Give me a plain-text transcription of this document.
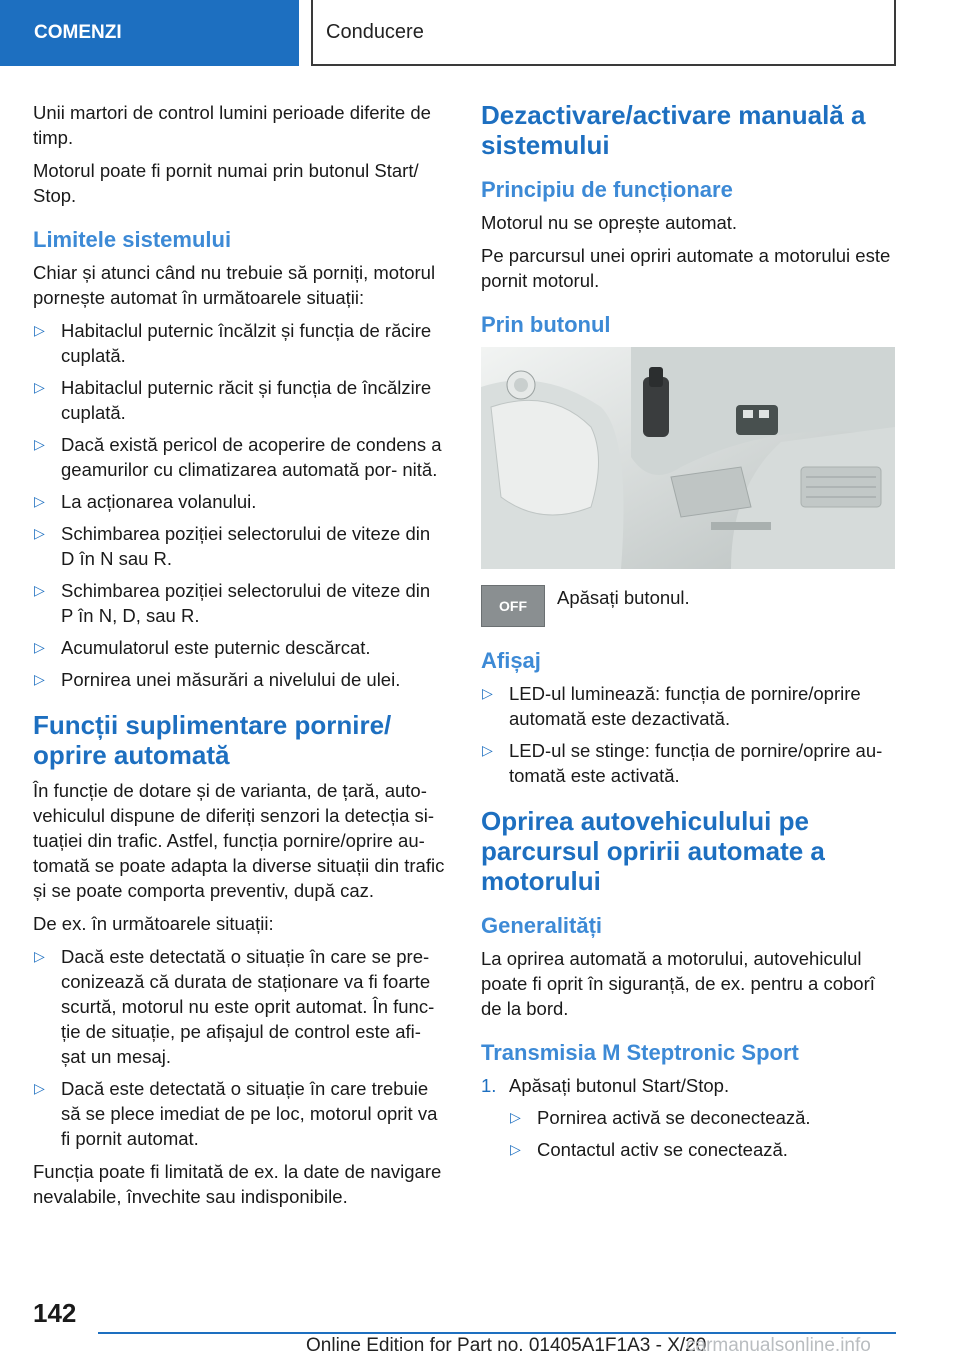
COMENZI	Conducere

Unii martori de control lumini perioade diferite de timp.

Motorul poate fi pornit numai prin butonul Start/ Stop.

Limitele sistemului

Chiar și atunci când nu trebuie să porniți, motorul pornește automat în următoarele situații:

▷ Habitaclul puternic încălzit și funcția de răcire cuplată.
▷ Habitaclul puternic răcit și funcția de încălzire cuplată.
▷ Dacă există pericol de acoperire de condens a geamurilor cu climatizarea automată por- nită.
▷ La acționarea volanului.
▷ Schimbarea poziției selectorului de viteze din D în N sau R.
▷ Schimbarea poziției selectorului de viteze din P în N, D, sau R.
▷ Acumulatorul este puternic descărcat.
▷ Pornirea unei măsurări a nivelului de ulei.
Funcții suplimentare pornire/ oprire automată

În funcție de dotare și de varianta, de țară, auto- vehiculul dispune de diferiți senzori la detecția si- tuației din trafic. Astfel, funcția pornire/oprire au- tomată se poate adapta la diverse situații din trafic și se poate comporta preventiv, după caz.

De ex. în următoarele situații:

▷ Dacă este detectată o situație în care se pre- conizează că durata de staționare va fi foarte scurtă, motorul nu este oprit automat. În func- ție de situație, pe afișajul de control este afi- șat un mesaj.
▷ Dacă este detectată o situație în care trebuie să se plece imediat de pe loc, motorul oprit va fi pornit automat.

Funcția poate fi limitată de ex. la date de navigare nevalabile, învechite sau indisponibile.

Dezactivare/activare manuală a sistemului
Principiu de funcționare

Motorul nu se oprește automat.

Pe parcursul unei opriri automate a motorului este pornit motorul.

Prin butonul
OFF Apăsați butonul.
Afișaj
▷ LED-ul luminează: funcția de pornire/oprire automată este dezactivată.
▷ LED-ul se stinge: funcția de pornire/oprire au- tomată este activată.
Oprirea autovehiculului pe parcursul opririi automate a motorului
Generalități

La oprirea automată a motorului, autovehiculul poate fi oprit în siguranță, de ex. pentru a coborî de la bord.

Transmisia M Steptronic Sport
1. Apăsați butonul Start/Stop.
▷ Pornirea activă se deconectează.
▷ Contactul activ se conectează.
142
Online Edition for Part no. 01405A1F1A3 - X/20
carmanualsonline.info
